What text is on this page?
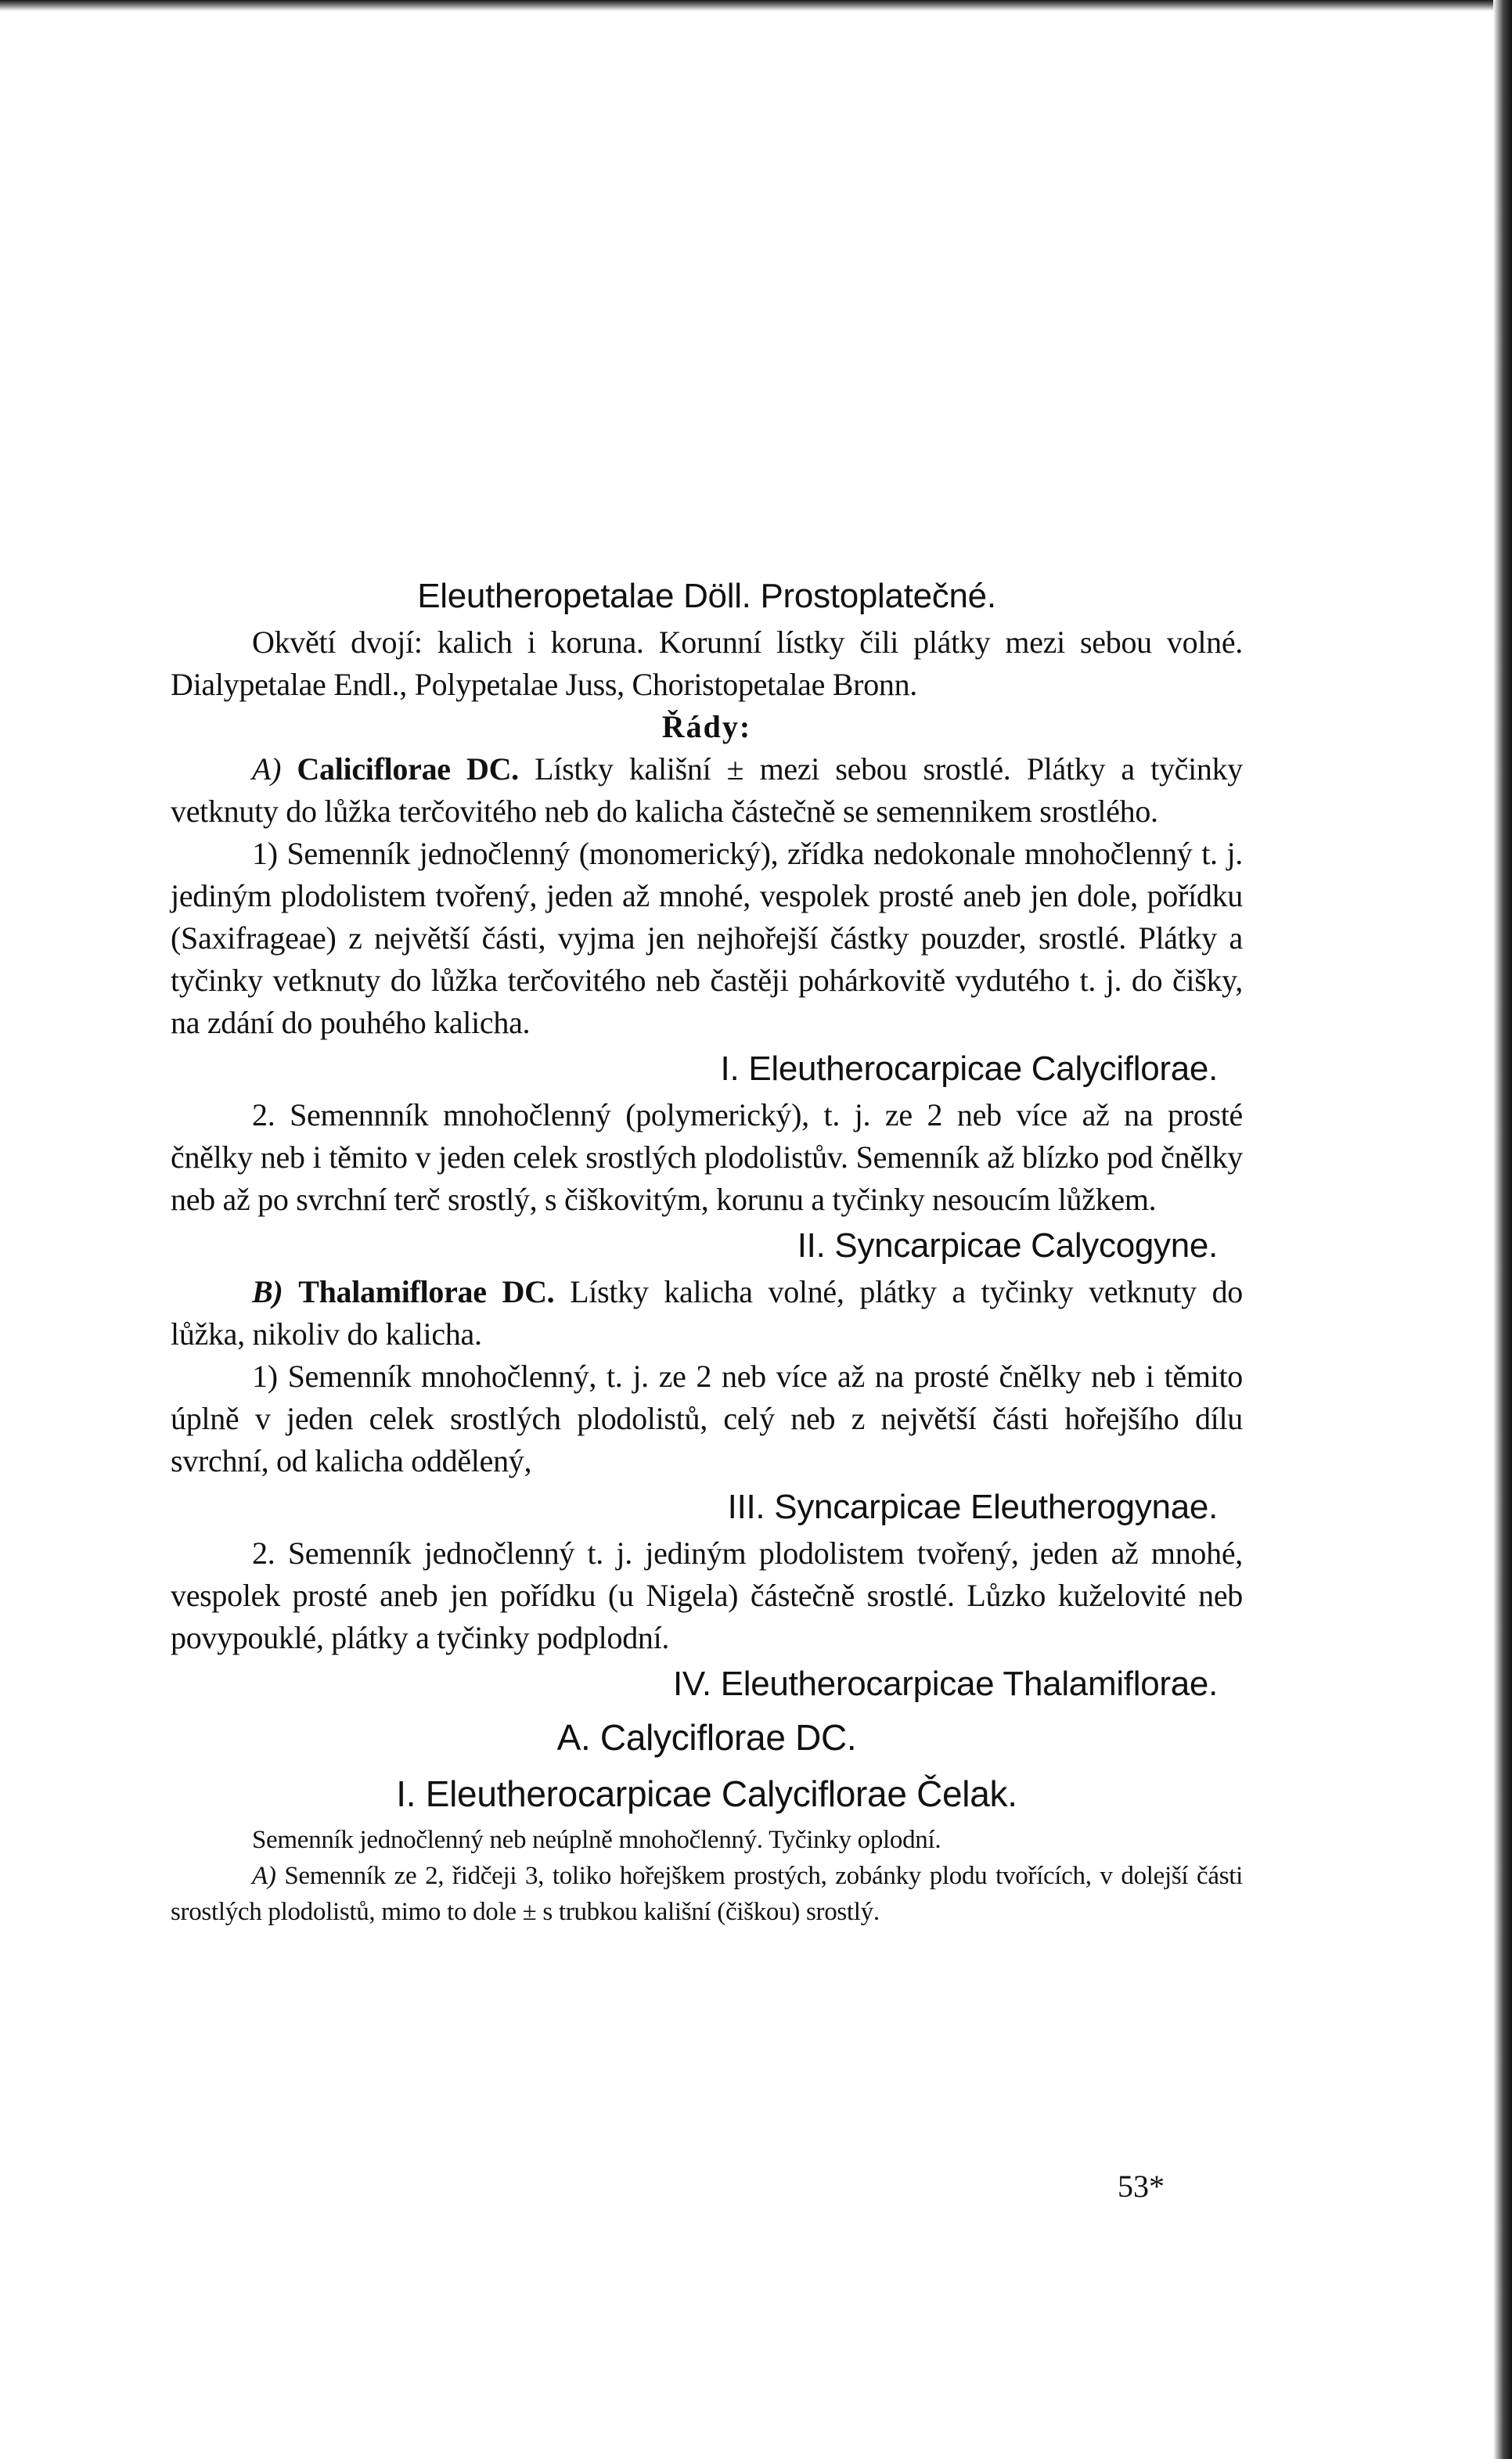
Eleutheropetalae Döll. Prostoplatečné.

Okvětí dvojí: kalich i koruna. Korunní lístky čili plátky mezi sebou volné. Dialypetalae Endl., Polypetalae Juss, Choristopetalae Bronn.

Řády:

A) Caliciflorae DC. Lístky kališní ± mezi sebou srostlé. Plátky a tyčinky vetknuty do lůžka terčovitého neb do kalicha částečně se semennikem srostlého.

1) Semenník jednočlenný (monomerický), zřídka nedokonale mnohočlenný t. j. jediným plodolistem tvořený, jeden až mnohé, vespolek prosté aneb jen dole, pořídku (Saxifrageae) z největší části, vyjma jen nejhořejší částky pouzder, srostlé. Plátky a tyčinky vetknuty do lůžka terčovitého neb častěji pohárkovitě vydutého t. j. do čišky, na zdání do pouhého kalicha.

I. Eleutherocarpicae Calyciflorae.

2. Semennník mnohočlenný (polymerický), t. j. ze 2 neb více až na prosté čnělky neb i těmito v jeden celek srostlých plodolistův. Semenník až blízko pod čnělky neb až po svrchní terč srostlý, s čiškovitým, korunu a tyčinky nesoucím lůžkem.

II. Syncarpicae Calycogyne.

B) Thalamiflorae DC. Lístky kalicha volné, plátky a tyčinky vetknuty do lůžka, nikoliv do kalicha.

1) Semenník mnohočlenný, t. j. ze 2 neb více až na prosté čnělky neb i těmito úplně v jeden celek srostlých plodolistů, celý neb z největší části hořejšího dílu svrchní, od kalicha oddělený,

III. Syncarpicae Eleutherogynae.

2. Semenník jednočlenný t. j. jediným plodolistem tvořený, jeden až mnohé, vespolek prosté aneb jen pořídku (u Nigela) částečně srostlé. Lůzko kuželovité neb povypouklé, plátky a tyčinky podplodní.

IV. Eleutherocarpicae Thalamiflorae.

A. Calyciflorae DC.

I. Eleutherocarpicae Calyciflorae Čelak.

Semenník jednočlenný neb neúplně mnohočlenný. Tyčinky oplodní.

A) Semenník ze 2, řidčeji 3, toliko hořejškem prostých, zobánky plodu tvořících, v dolejší části srostlých plodolistů, mimo to dole ± s trubkou kališní (čiškou) srostlý.

53*
